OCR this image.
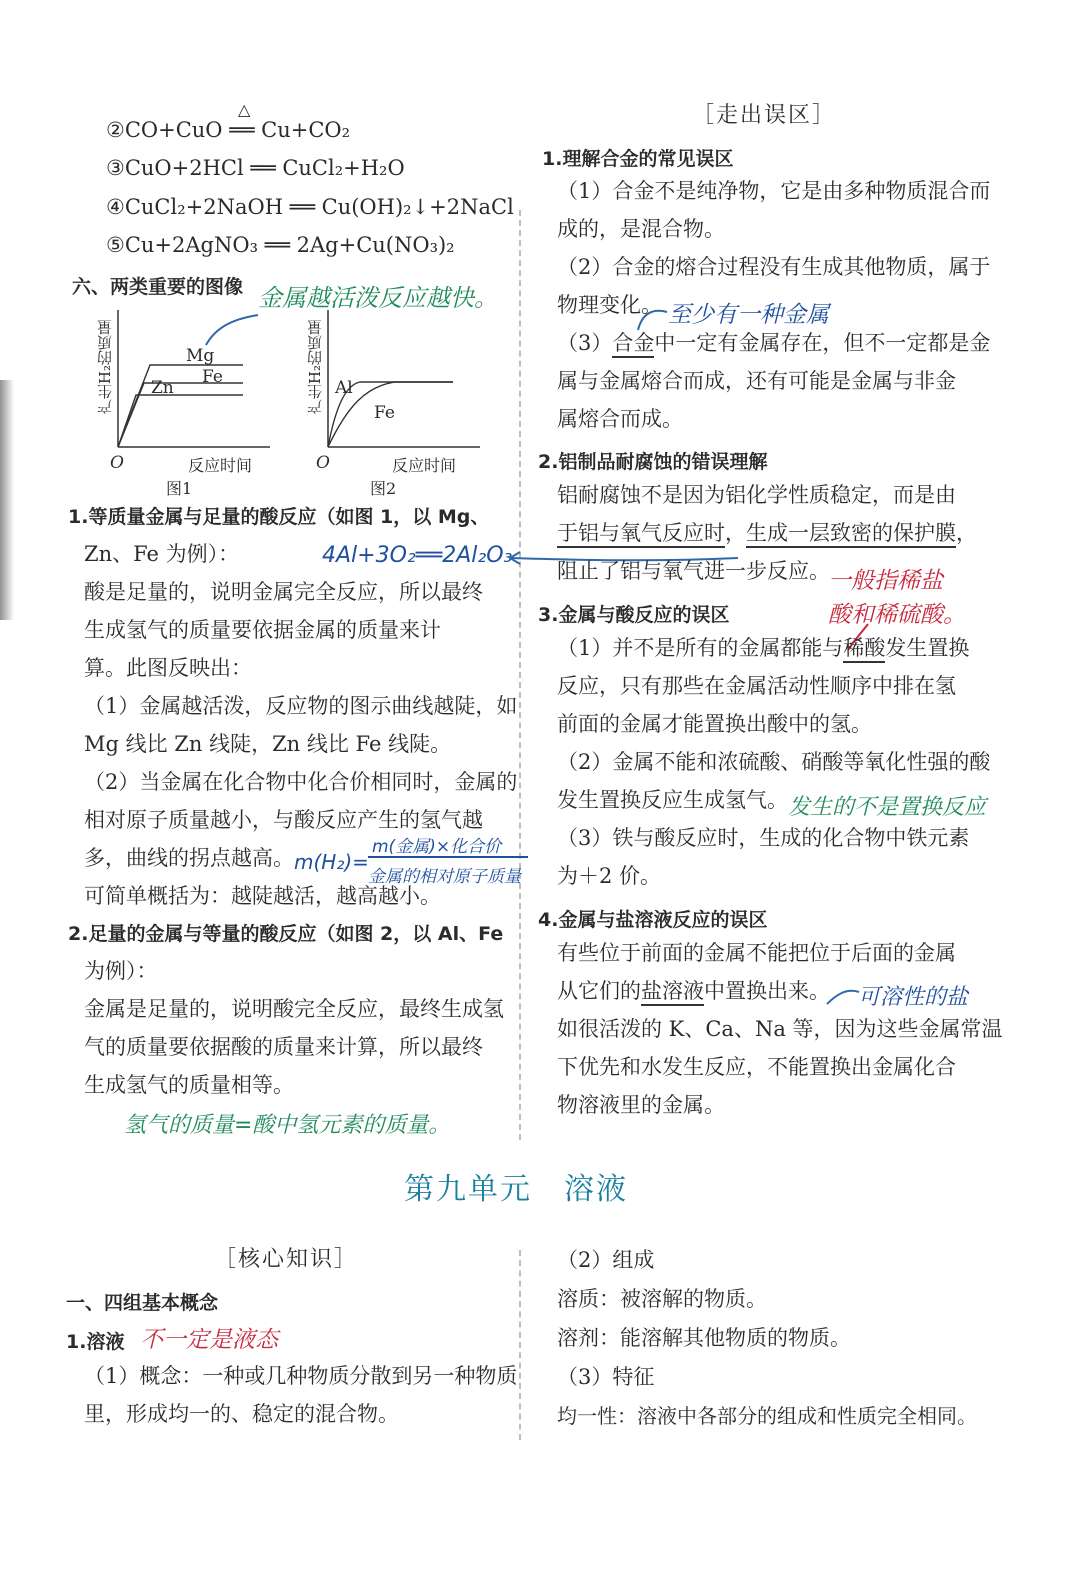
②CO+CuO ══ Cu+CO₂
△
③CuO+2HCl ══ CuCl₂+H₂O
④CuCl₂+2NaOH ══ Cu(OH)₂↓+2NaCl
⑤Cu+2AgNO₃ ══ 2Ag+Cu(NO₃)₂
六、两类重要的图像 金属越活泼反应越快。
Mg
Fe
Zn
产生H₂的质量
O	反应时间
图1
Al
Fe
产生H₂的质量
O	反应时间
图2
1.等质量金属与足量的酸反应（如图 1，以 Mg、
Zn、Fe 为例）：	4Al+3O₂══2Al₂O₃
酸是足量的，说明金属完全反应，所以最终
生成氢气的质量要依据金属的质量来计
算。此图反映出：
（1）金属越活泼，反应物的图示曲线越陡，如
Mg 线比 Zn 线陡，Zn 线比 Fe 线陡。
（2）当金属在化合物中化合价相同时，金属的
相对原子质量越小，与酸反应产生的氢气越
多，曲线的拐点越高。 m(H₂)=
m(金属)×化合价
金属的相对原子质量
可简单概括为：越陡越活，越高越小。
2.足量的金属与等量的酸反应（如图 2，以 Al、Fe
为例）：
金属是足量的，说明酸完全反应，最终生成氢
气的质量要依据酸的质量来计算，所以最终
生成氢气的质量相等。
氢气的质量=酸中氢元素的质量。
［走出误区］
1.理解合金的常见误区
（1）合金不是纯净物，它是由多种物质混合而
成的，是混合物。
（2）合金的熔合过程没有生成其他物质，属于
物理变化。 至少有一种金属
（3）合金中一定有金属存在，但不一定都是金
属与金属熔合而成，还有可能是金属与非金
属熔合而成。
2.铝制品耐腐蚀的错误理解
铝耐腐蚀不是因为铝化学性质稳定，而是由
于铝与氧气反应时，生成一层致密的保护膜，
阻止了铝与氧气进一步反应。
一般指稀盐
酸和稀硫酸。
3.金属与酸反应的误区
（1）并不是所有的金属都能与稀酸发生置换
反应，只有那些在金属活动性顺序中排在氢
前面的金属才能置换出酸中的氢。
（2）金属不能和浓硫酸、硝酸等氧化性强的酸
发生置换反应生成氢气。 发生的不是置换反应
（3）铁与酸反应时，生成的化合物中铁元素
为＋2 价。
4.金属与盐溶液反应的误区
有些位于前面的金属不能把位于后面的金属
从它们的盐溶液中置换出来。 可溶性的盐
如很活泼的 K、Ca、Na 等，因为这些金属常温
下优先和水发生反应，不能置换出金属化合
物溶液里的金属。
第九单元　溶液
［核心知识］
一、四组基本概念
1.溶液 不一定是液态
（1）概念：一种或几种物质分散到另一种物质
里，形成均一的、稳定的混合物。
（2）组成
溶质：被溶解的物质。
溶剂：能溶解其他物质的物质。
（3）特征
均一性：溶液中各部分的组成和性质完全相同。
